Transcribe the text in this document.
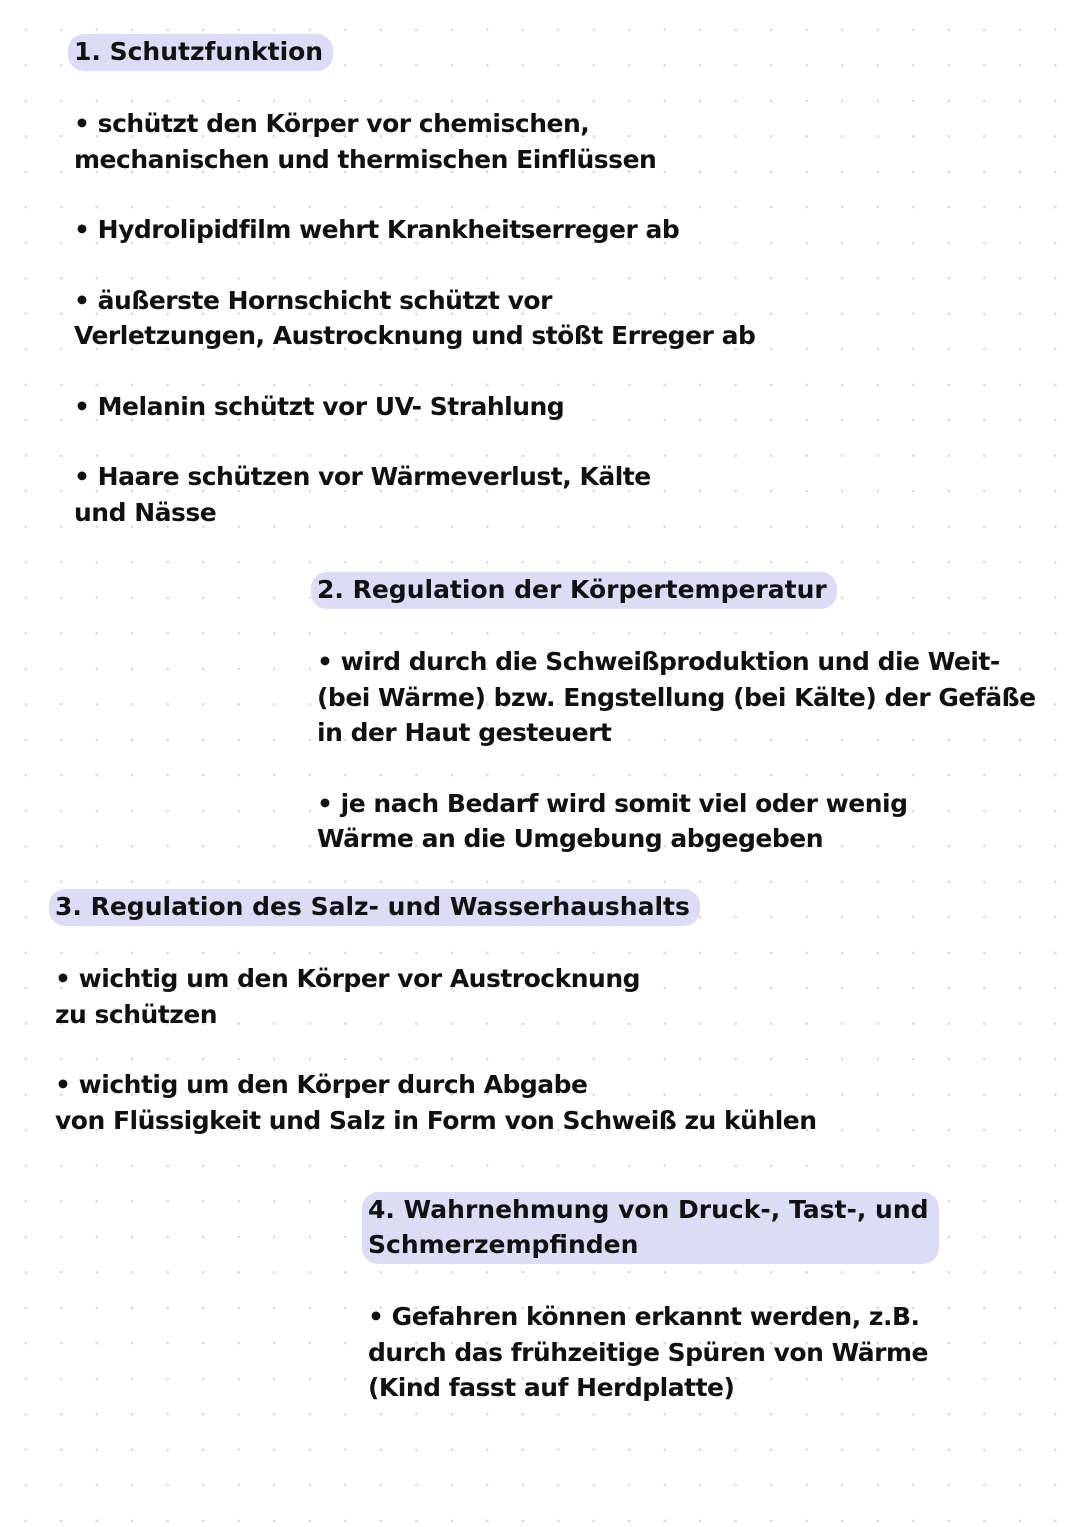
1. Schutzfunktion
• schützt den Körper vor chemischen,
mechanischen und thermischen Einflüssen
• Hydrolipidfilm wehrt Krankheitserreger ab
• äußerste Hornschicht schützt vor
Verletzungen, Austrocknung und stößt Erreger ab
• Melanin schützt vor UV- Strahlung
• Haare schützen vor Wärmeverlust, Kälte
und Nässe
2. Regulation der Körpertemperatur
• wird durch die Schweißproduktion und die Weit-
(bei Wärme) bzw. Engstellung (bei Kälte) der Gefäße
in der Haut gesteuert
• je nach Bedarf wird somit viel oder wenig
Wärme an die Umgebung abgegeben
3. Regulation des Salz- und Wasserhaushalts
• wichtig um den Körper vor Austrocknung
zu schützen
• wichtig um den Körper durch Abgabe
von Flüssigkeit und Salz in Form von Schweiß zu kühlen
4. Wahrnehmung von Druck-, Tast-, und
Schmerzempfinden
• Gefahren können erkannt werden, z.B.
durch das frühzeitige Spüren von Wärme
(Kind fasst auf Herdplatte)
